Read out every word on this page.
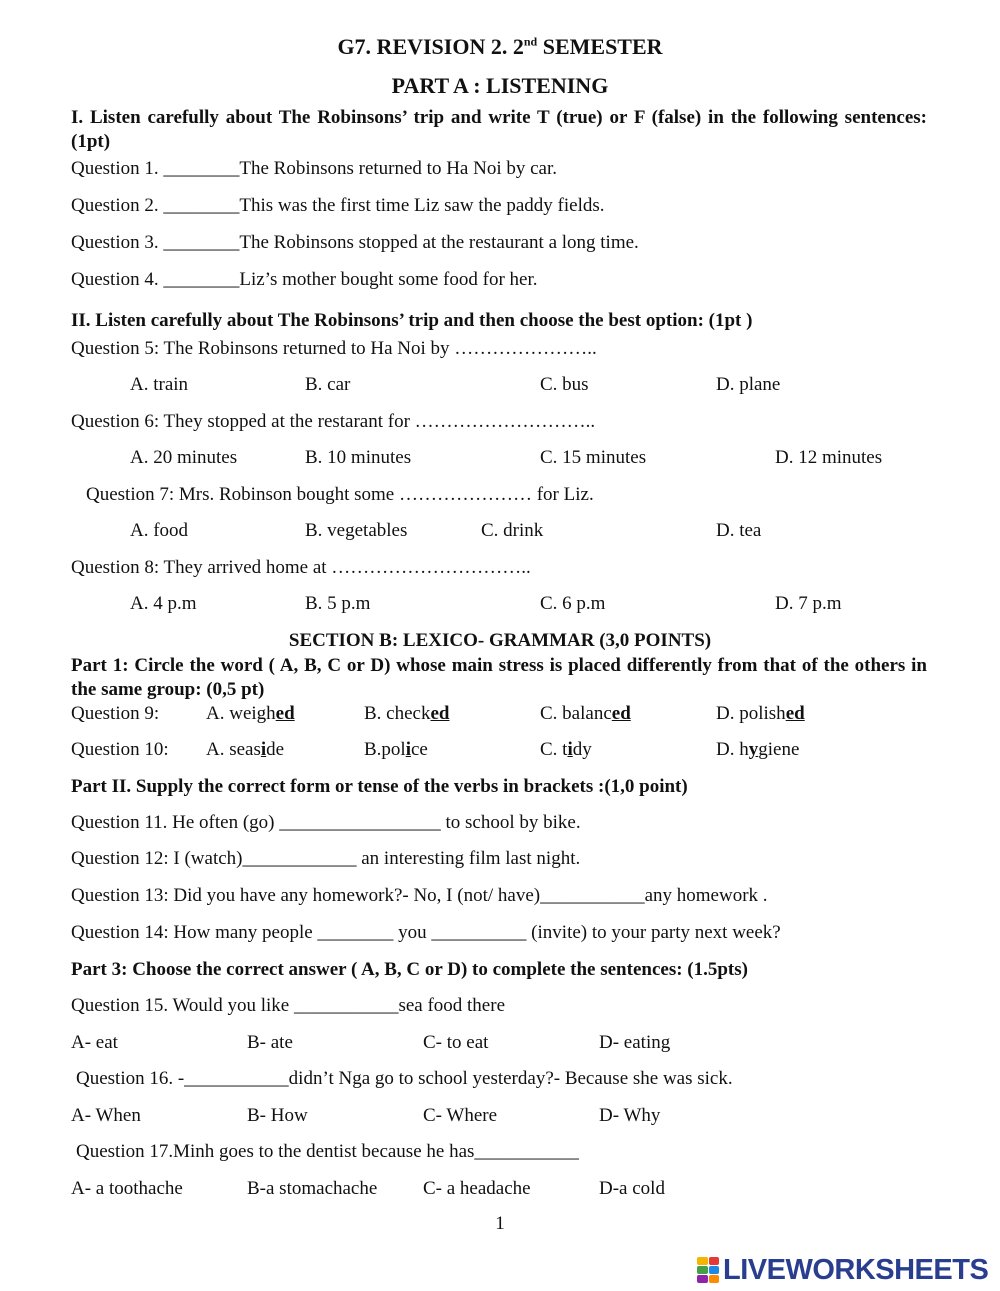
G7. REVISION 2. 2nd SEMESTER
PART A : LISTENING
I. Listen carefully about The Robinsons’ trip and write T (true) or F (false) in the following sentences: (1pt)
Question 1. ________The Robinsons returned to Ha Noi by car.
Question 2. ________This was the first time Liz saw the paddy fields.
Question 3. ________The Robinsons stopped at the restaurant a long time.
Question 4. ________Liz’s mother bought some food for her.
II. Listen carefully about The Robinsons’ trip and then choose the best option: (1pt )
Question 5: The Robinsons returned to Ha Noi by …………………..
A. train	B. car	C. bus	D. plane
Question 6: They stopped at the restarant for ………………………..
A. 20 minutes	B. 10 minutes	C. 15 minutes	D. 12 minutes
Question 7: Mrs. Robinson bought some ………………… for Liz.
A. food	B. vegetables	C. drink	D. tea
Question 8: They arrived home at …………………………..
A. 4 p.m	B. 5 p.m	C. 6 p.m	D. 7 p.m
SECTION B: LEXICO- GRAMMAR (3,0 POINTS)
Part 1: Circle the word ( A, B, C or D) whose main stress is placed differently from that of the others in the same group: (0,5 pt)
Question 9: A. weighed	B. checked	C. balanced	D. polished
Question 10: A. seaside	B.police	C. tidy	D. hygiene
Part II. Supply the correct form or tense of the verbs in brackets :(1,0 point)
Question 11. He often (go) _________________ to school by bike.
Question 12: I (watch)____________ an interesting film last night.
Question 13: Did you have any homework?- No, I (not/ have)___________any homework .
Question 14: How many people ________ you __________ (invite) to your party next week?
Part 3: Choose the correct answer ( A, B, C or D) to complete the sentences: (1.5pts)
Question 15. Would you like ___________sea food there
A- eat	B- ate	C- to eat	D- eating
Question 16. -___________didn’t Nga go to school yesterday?- Because she was sick.
A- When	B- How	C- Where	D- Why
Question 17.Minh goes to the dentist because he has___________
A- a toothache	B-a stomachache C- a headache	D-a cold
1
LIVEWORKSHEETS
